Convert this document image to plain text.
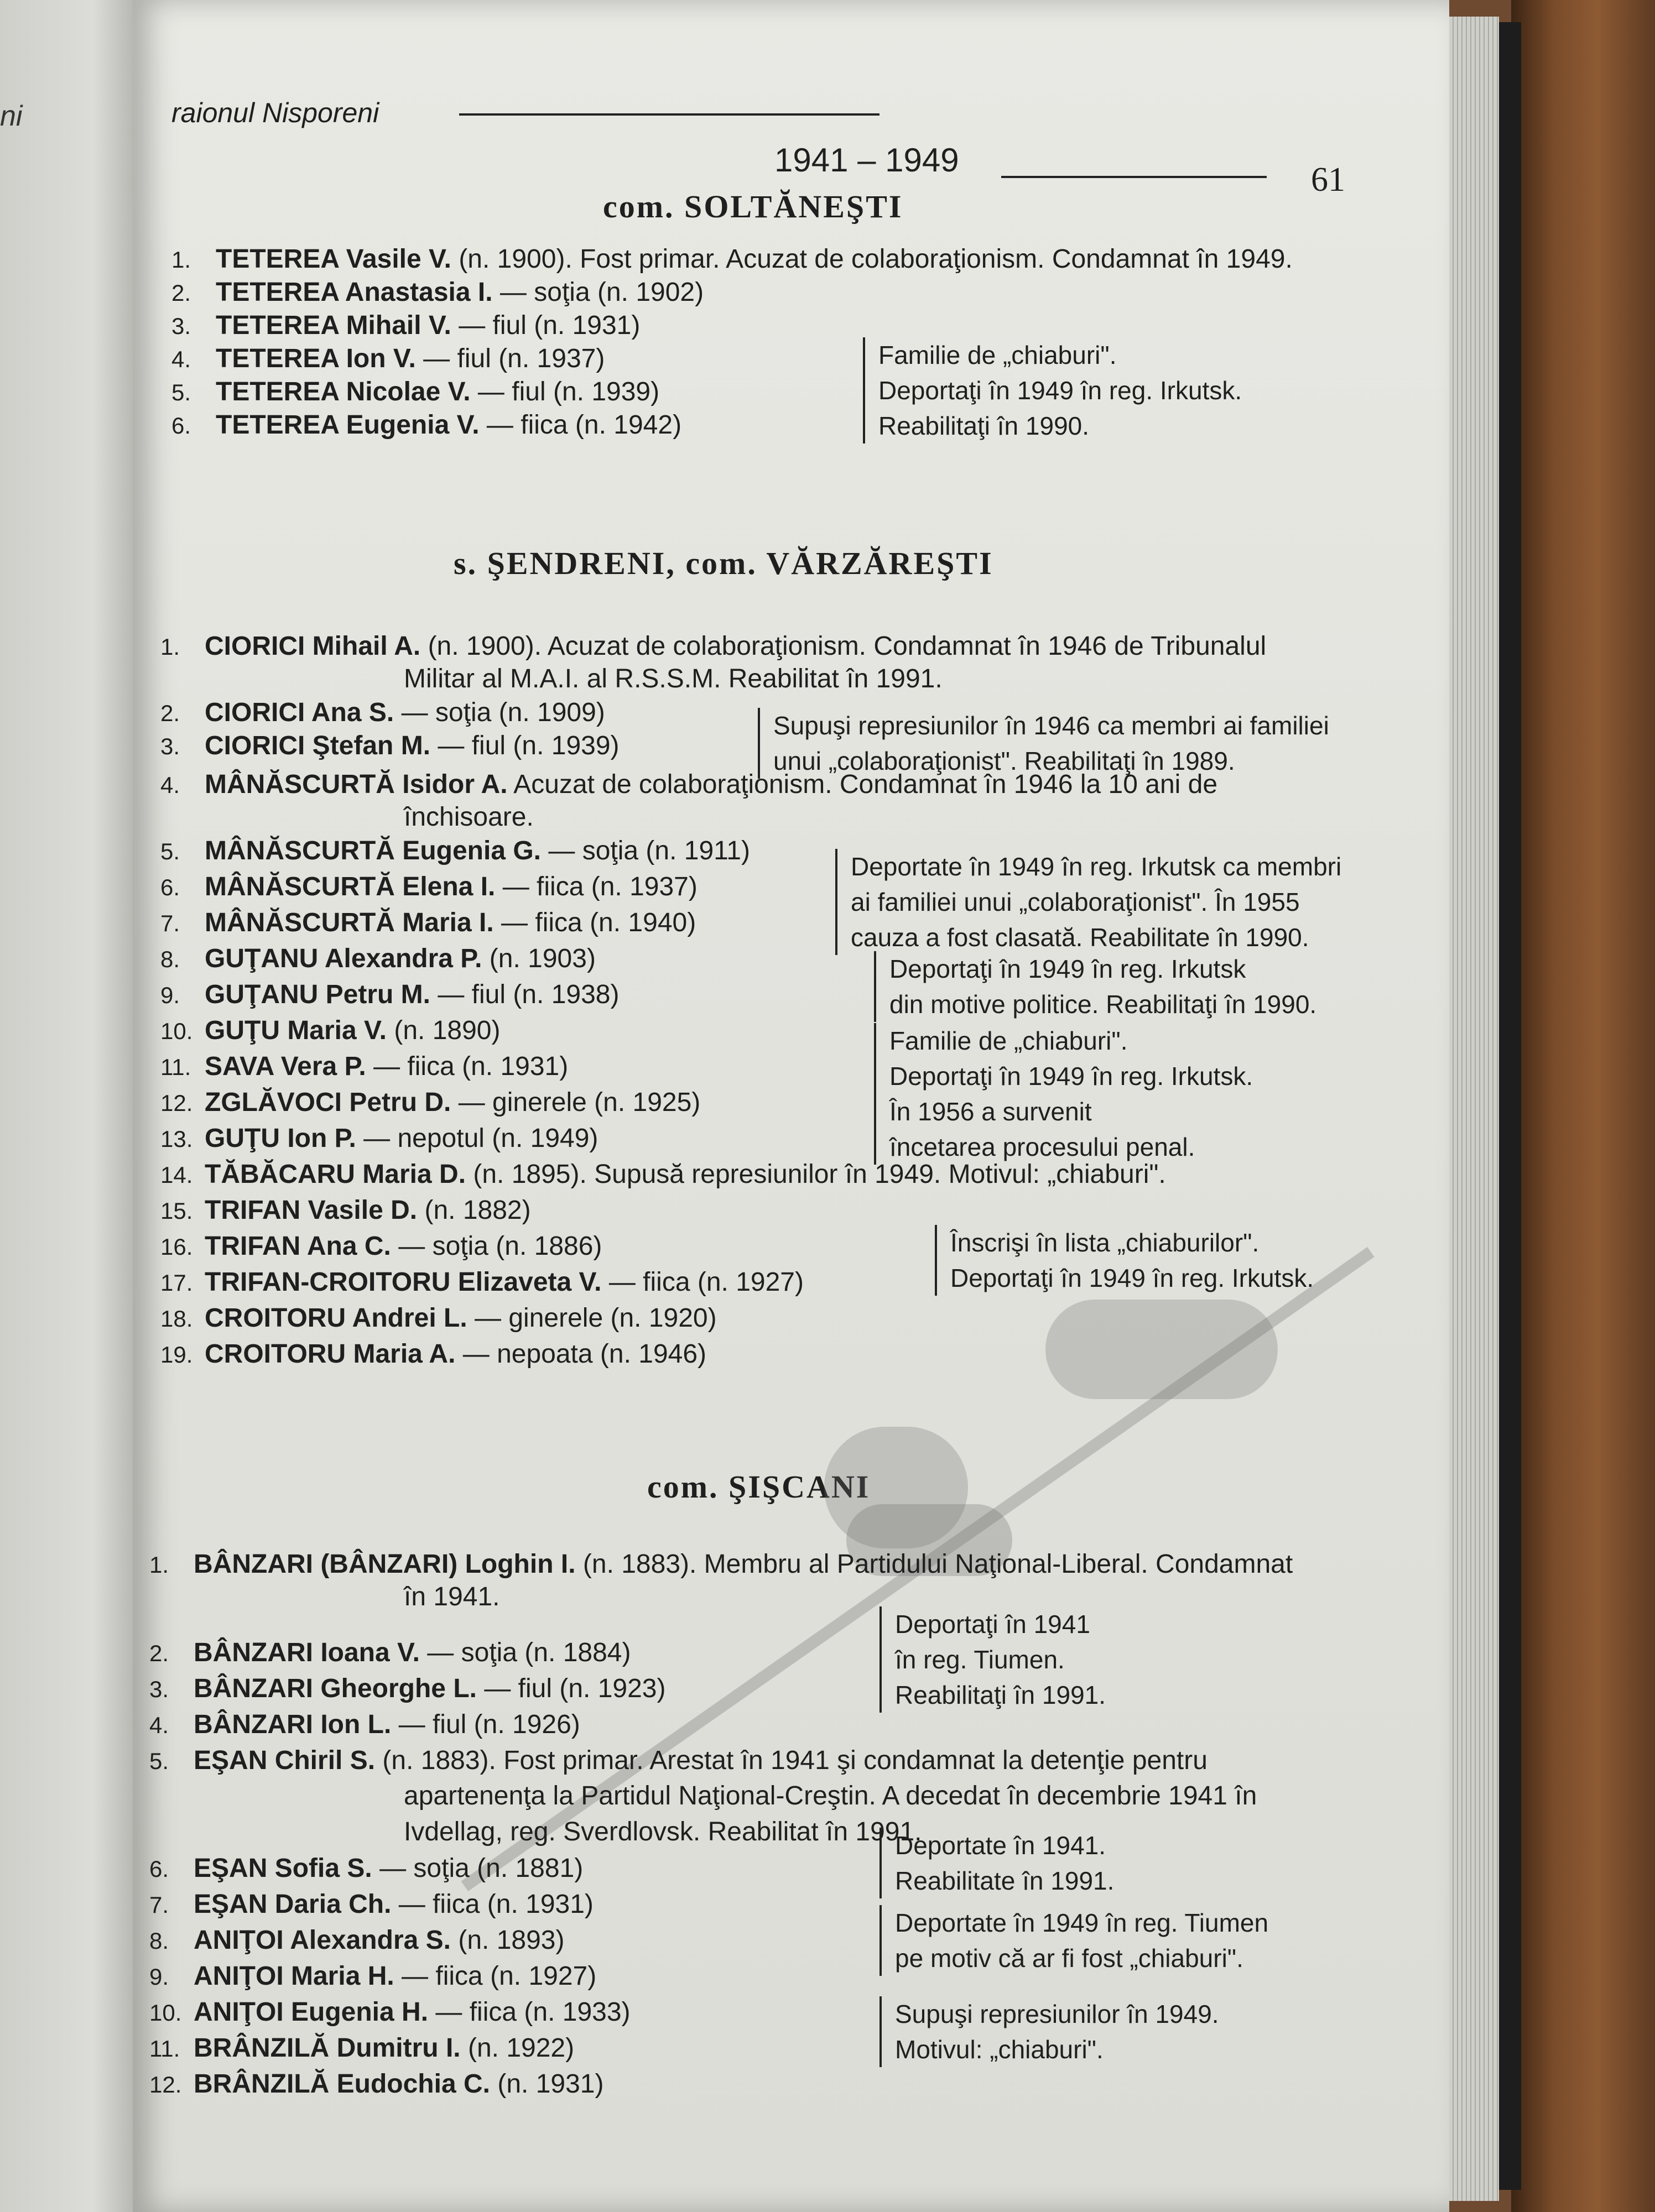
ni	raionul Nisporeni
1941 – 1949
61
com. SOLTĂNEŞTI
s. ŞENDRENI, com. VĂRZĂREŞTI
com. ŞIŞCANI
1. TETEREA Vasile V. (n. 1900). Fost primar. Acuzat de colaboraţionism. Condamnat în 1949.
2. TETEREA Anastasia I. — soţia (n. 1902)
3. TETEREA Mihail V. — fiul (n. 1931)
4. TETEREA Ion V. — fiul (n. 1937)
5. TETEREA Nicolae V. — fiul (n. 1939)
6. TETEREA Eugenia V. — fiica (n. 1942)
Familie de „chiaburi".
Deportaţi în 1949 în reg. Irkutsk.
Reabilitaţi în 1990.
1. CIORICI Mihail A. (n. 1900). Acuzat de colaboraţionism. Condamnat în 1946 de Tribunalul
Militar al M.A.I. al R.S.S.M. Reabilitat în 1991.
2. CIORICI Ana S. — soţia (n. 1909)
3. CIORICI Ştefan M. — fiul (n. 1939)
4. MÂNĂSCURTĂ Isidor A. Acuzat de colaboraţionism. Condamnat în 1946 la 10 ani de
închisoare.
5. MÂNĂSCURTĂ Eugenia G. — soţia (n. 1911)
6. MÂNĂSCURTĂ Elena I. — fiica (n. 1937)
7. MÂNĂSCURTĂ Maria I. — fiica (n. 1940)
8. GUŢANU Alexandra P. (n. 1903)
9. GUŢANU Petru M. — fiul (n. 1938)
10. GUŢU Maria V. (n. 1890)
11. SAVA Vera P. — fiica (n. 1931)
12. ZGLĂVOCI Petru D. — ginerele (n. 1925)
13. GUŢU Ion P. — nepotul (n. 1949)
14. TĂBĂCARU Maria D. (n. 1895). Supusă represiunilor în 1949. Motivul: „chiaburi".
15. TRIFAN Vasile D. (n. 1882)
16. TRIFAN Ana C. — soţia (n. 1886)
17. TRIFAN-CROITORU Elizaveta V. — fiica (n. 1927)
18. CROITORU Andrei L. — ginerele (n. 1920)
19. CROITORU Maria A. — nepoata (n. 1946)
Supuşi represiunilor în 1946 ca membri ai familiei
unui „colaboraţionist". Reabilitaţi în 1989.
Deportate în 1949 în reg. Irkutsk ca membri
ai familiei unui „colaboraţionist". În 1955
cauza a fost clasată. Reabilitate în 1990.
Deportaţi în 1949 în reg. Irkutsk
din motive politice. Reabilitaţi în 1990.
Familie de „chiaburi".
Deportaţi în 1949 în reg. Irkutsk.
În 1956 a survenit
încetarea procesului penal.
Înscrişi în lista „chiaburilor".
Deportaţi în 1949 în reg. Irkutsk.
1. BÂNZARI (BÂNZARI) Loghin I. (n. 1883). Membru al Partidului Naţional-Liberal. Condamnat
în 1941.
2. BÂNZARI Ioana V. — soţia (n. 1884)
3. BÂNZARI Gheorghe L. — fiul (n. 1923)
4. BÂNZARI Ion L. — fiul (n. 1926)
5. EŞAN Chiril S. (n. 1883). Fost primar. Arestat în 1941 şi condamnat la detenţie pentru
apartenenţa la Partidul Naţional-Creştin. A decedat în decembrie 1941 în
Ivdellag, reg. Sverdlovsk. Reabilitat în 1991.
6. EŞAN Sofia S. — soţia (n. 1881)
7. EŞAN Daria Ch. — fiica (n. 1931)
8. ANIŢOI Alexandra S. (n. 1893)
9. ANIŢOI Maria H. — fiica (n. 1927)
10. ANIŢOI Eugenia H. — fiica (n. 1933)
11. BRÂNZILĂ Dumitru I. (n. 1922)
12. BRÂNZILĂ Eudochia C. (n. 1931)
Deportaţi în 1941
în reg. Tiumen.
Reabilitaţi în 1991.
Deportate în 1941.
Reabilitate în 1991.
Deportate în 1949 în reg. Tiumen
pe motiv că ar fi fost „chiaburi".
Supuşi represiunilor în 1949.
Motivul: „chiaburi".
